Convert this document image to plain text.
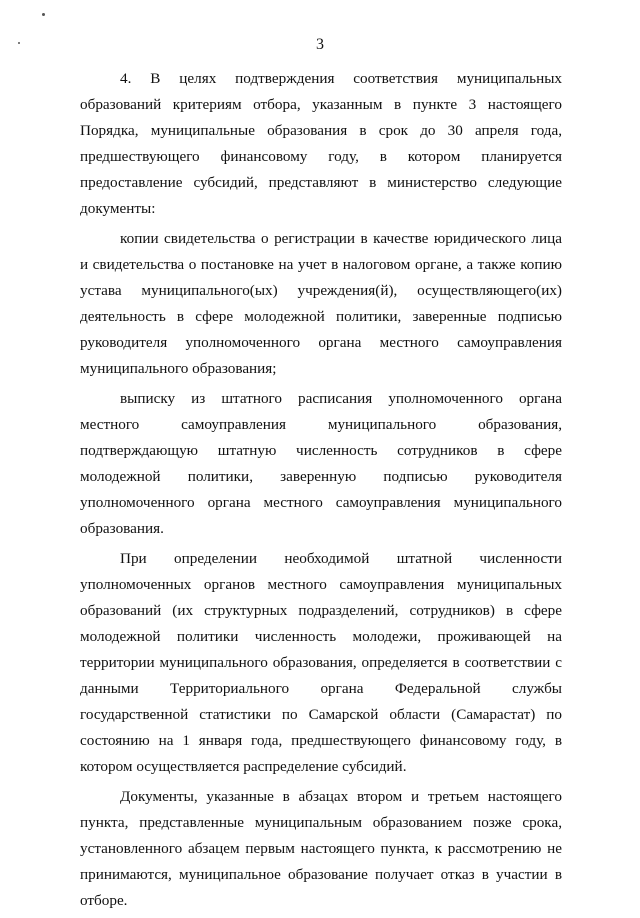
3

4. В целях подтверждения соответствия муниципальных образований критериям отбора, указанным в пункте 3 настоящего Порядка, муниципальные образования в срок до 30 апреля года, предшествующего финансовому году, в котором планируется предоставление субсидий, представляют в министерство следующие документы:

копии свидетельства о регистрации в качестве юридического лица и свидетельства о постановке на учет в налоговом органе, а также копию устава муниципального(ых) учреждения(й), осуществляющего(их) деятельность в сфере молодежной политики, заверенные подписью руководителя уполномоченного органа местного самоуправления муниципального образования;

выписку из штатного расписания уполномоченного органа местного самоуправления муниципального образования, подтверждающую штатную численность сотрудников в сфере молодежной политики, заверенную подписью руководителя уполномоченного органа местного самоуправления муниципального образования.

При определении необходимой штатной численности уполномоченных органов местного самоуправления муниципальных образований (их структурных подразделений, сотрудников) в сфере молодежной политики численность молодежи, проживающей на территории муниципального образования, определяется в соответствии с данными Территориального органа Федеральной службы государственной статистики по Самарской области (Самарастат) по состоянию на 1 января года, предшествующего финансовому году, в котором осуществляется распределение субсидий.

Документы, указанные в абзацах втором и третьем настоящего пункта, представленные муниципальным образованием позже срока, установленного абзацем первым настоящего пункта, к рассмотрению не принимаются, муниципальное образование получает отказ в участии в отборе.
